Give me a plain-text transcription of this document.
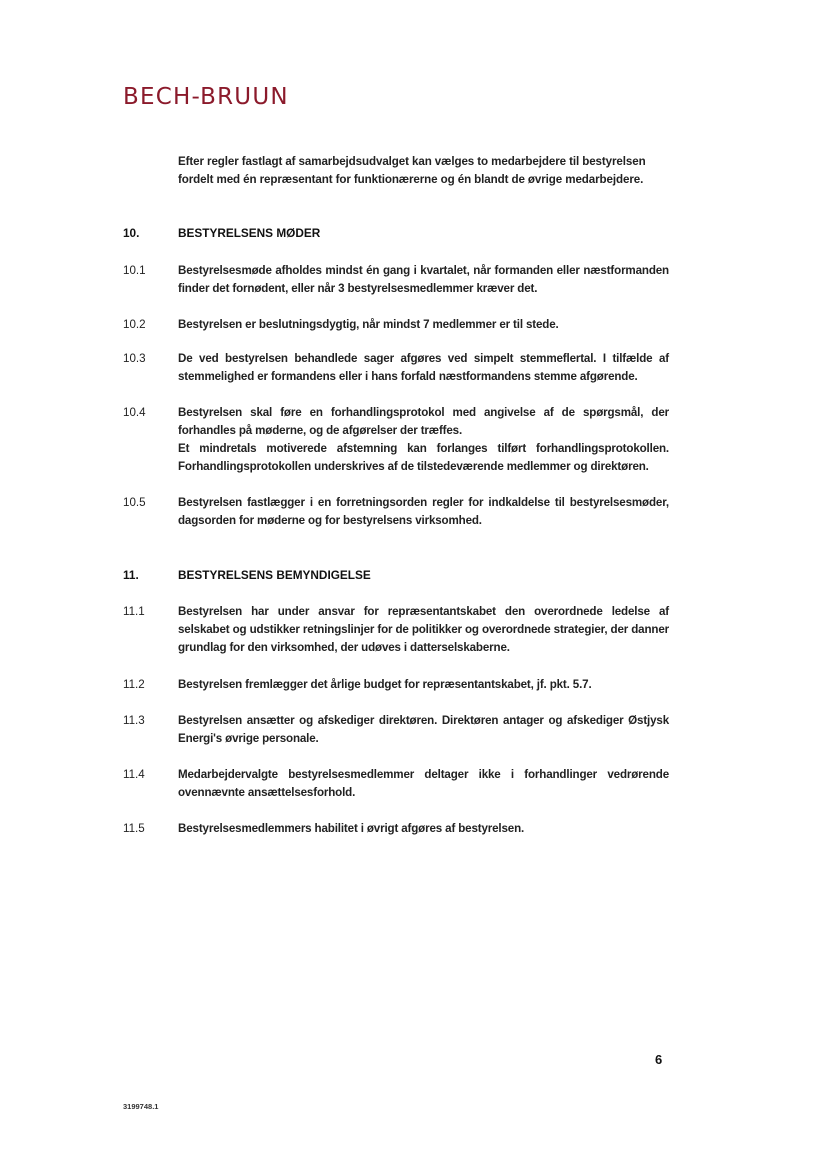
BECH-BRUUN
Efter regler fastlagt af samarbejdsudvalget kan vælges to medarbejdere til bestyrelsen fordelt med én repræsentant for funktionærerne og én blandt de øvrige medarbejdere.
10.	BESTYRELSENS MØDER
10.1	Bestyrelsesmøde afholdes mindst én gang i kvartalet, når formanden eller næstformanden finder det fornødent, eller når 3 bestyrelsesmedlemmer kræver det.

10.2	Bestyrelsen er beslutningsdygtig, når mindst 7 medlemmer er til stede.

10.3	De ved bestyrelsen behandlede sager afgøres ved simpelt stemmeflertal. I tilfælde af stemmelighed er formandens eller i hans forfald næstformandens stemme afgørende.

10.4	Bestyrelsen skal føre en forhandlingsprotokol med angivelse af de spørgsmål, der forhandles på møderne, og de afgørelser der træffes.

Et mindretals motiverede afstemning kan forlanges tilført forhandlingsprotokollen. Forhandlingsprotokollen underskrives af de tilstedeværende medlemmer og direktøren.

10.5	Bestyrelsen fastlægger i en forretningsorden regler for indkaldelse til bestyrelsesmøder, dagsorden for møderne og for bestyrelsens virksomhed.

11.	BESTYRELSENS BEMYNDIGELSE
11.1	Bestyrelsen har under ansvar for repræsentantskabet den overordnede ledelse af selskabet og udstikker retningslinjer for de politikker og overordnede strategier, der danner grundlag for den virksomhed, der udøves i datterselskaberne.

11.2	Bestyrelsen fremlægger det årlige budget for repræsentantskabet, jf. pkt. 5.7.

11.3	Bestyrelsen ansætter og afskediger direktøren. Direktøren antager og afskediger Østjysk Energi's øvrige personale.

11.4	Medarbejdervalgte bestyrelsesmedlemmer deltager ikke i forhandlinger vedrørende ovennævnte ansættelsesforhold.

11.5	Bestyrelsesmedlemmers habilitet i øvrigt afgøres af bestyrelsen.

6
3199748.1
